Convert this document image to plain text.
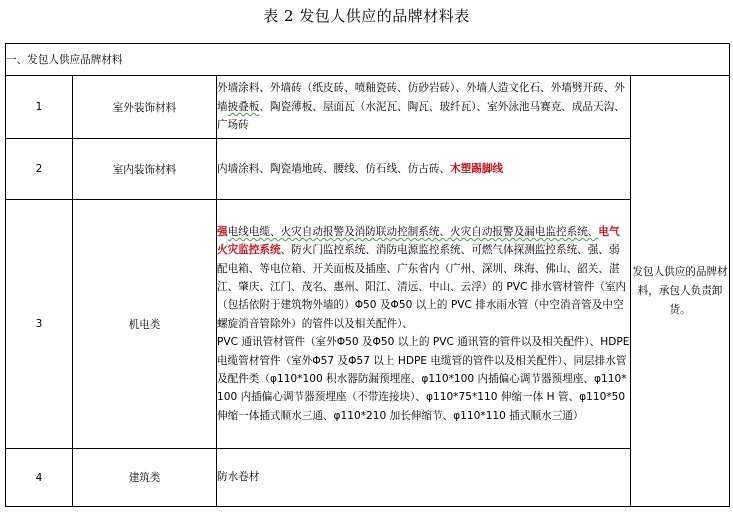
表 2 发包人供应的品牌材料表
一、发包人供应品牌材料			
1	室外装饰材料	外墙涂料、外墙砖（纸皮砖、喷釉瓷砖、仿砂岩砖）、外墙人造文化石、外墙劈开砖、外墙披叠板、陶瓷薄板、屋面瓦（水泥瓦、陶瓦、玻纤瓦）、室外泳池马赛克、成品天沟、广场砖	发包人供应的品牌材料，承包人负责卸货。
2	室内装饰材料	内墙涂料、陶瓷墙地砖、腰线、仿石线、仿古砖、木塑踢脚线	
3	机电类	强电线电缆、火灾自动报警及消防联动控制系统、火灾自动报警及漏电监控系统、电气火灾监控系统、防火门监控系统、消防电源监控系统、可燃气体探测监控系统、强、弱配电箱、等电位箱、开关面板及插座、广东省内（广州、深圳、珠海、佛山、韶关、湛江、肇庆、江门、茂名、惠州、阳江、清远、中山、云浮）的 PVC 排水管材管件（室内（包括依附于建筑物外墙的）Φ50 及Φ50 以上的 PVC 排水雨水管（中空消音管及中空螺旋消音管除外）的管件以及相关配件）、
PVC 通讯管材管件（室外Φ50 及Φ50 以上的 PVC 通讯管的管件以及相关配件）、HDPE 电缆管材管件（室外Φ57 及Φ57 以上 HDPE 电缆管的管件以及相关配件）、同层排水管及配件类（φ110*100 积水器防漏预埋座、φ110*100 内插偏心调节器预埋座、φ110*100 内插偏心调节器预埋座（不带连接块）、φ110*75*110 伸缩一体 H 管、φ110*50 伸缩一体插式顺水三通、φ110*210 加长伸缩节、φ110*110 插式顺水三通）	
4	建筑类	防水卷材	
